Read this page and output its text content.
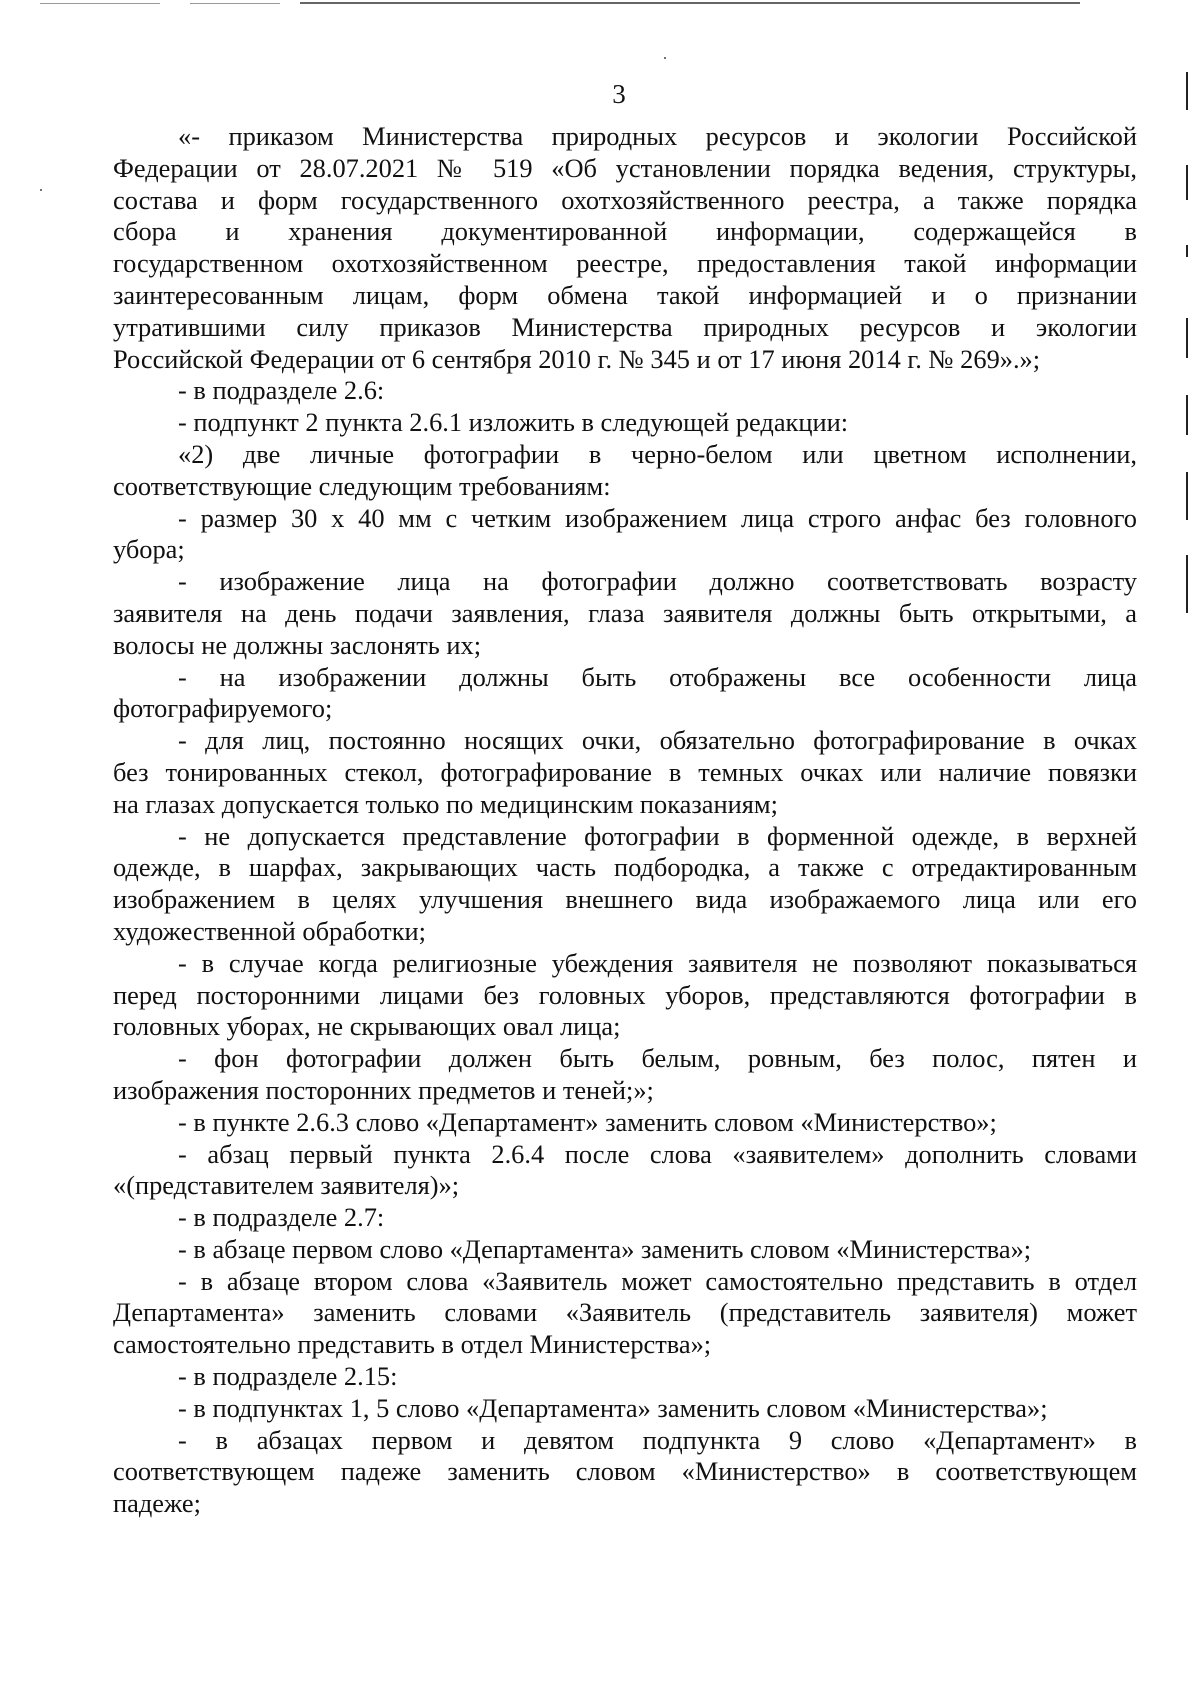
3
«- приказом Министерства природных ресурсов и экологии Российской
Федерации от 28.07.2021 № 519 «Об установлении порядка ведения, структуры,
состава и форм государственного охотхозяйственного реестра, а также порядка
сбора и хранения документированной информации, содержащейся в
государственном охотхозяйственном реестре, предоставления такой информации
заинтересованным лицам, форм обмена такой информацией и о признании
утратившими силу приказов Министерства природных ресурсов и экологии
Российской Федерации от 6 сентября 2010 г. № 345 и от 17 июня 2014 г. № 269».»;
- в подразделе 2.6:
- подпункт 2 пункта 2.6.1 изложить в следующей редакции:
«2) две личные фотографии в черно-белом или цветном исполнении,
соответствующие следующим требованиям:
- размер 30 х 40 мм с четким изображением лица строго анфас без головного
убора;
- изображение лица на фотографии должно соответствовать возрасту
заявителя на день подачи заявления, глаза заявителя должны быть открытыми, а
волосы не должны заслонять их;
- на изображении должны быть отображены все особенности лица
фотографируемого;
- для лиц, постоянно носящих очки, обязательно фотографирование в очках
без тонированных стекол, фотографирование в темных очках или наличие повязки
на глазах допускается только по медицинским показаниям;
- не допускается представление фотографии в форменной одежде, в верхней
одежде, в шарфах, закрывающих часть подбородка, а также с отредактированным
изображением в целях улучшения внешнего вида изображаемого лица или его
художественной обработки;
- в случае когда религиозные убеждения заявителя не позволяют показываться
перед посторонними лицами без головных уборов, представляются фотографии в
головных уборах, не скрывающих овал лица;
- фон фотографии должен быть белым, ровным, без полос, пятен и
изображения посторонних предметов и теней;»;
- в пункте 2.6.3 слово «Департамент» заменить словом «Министерство»;
- абзац первый пункта 2.6.4 после слова «заявителем» дополнить словами
«(представителем заявителя)»;
- в подразделе 2.7:
- в абзаце первом слово «Департамента» заменить словом «Министерства»;
- в абзаце втором слова «Заявитель может самостоятельно представить в отдел
Департамента» заменить словами «Заявитель (представитель заявителя) может
самостоятельно представить в отдел Министерства»;
- в подразделе 2.15:
- в подпунктах 1, 5 слово «Департамента» заменить словом «Министерства»;
- в абзацах первом и девятом подпункта 9 слово «Департамент» в
соответствующем падеже заменить словом «Министерство» в соответствующем
падеже;
